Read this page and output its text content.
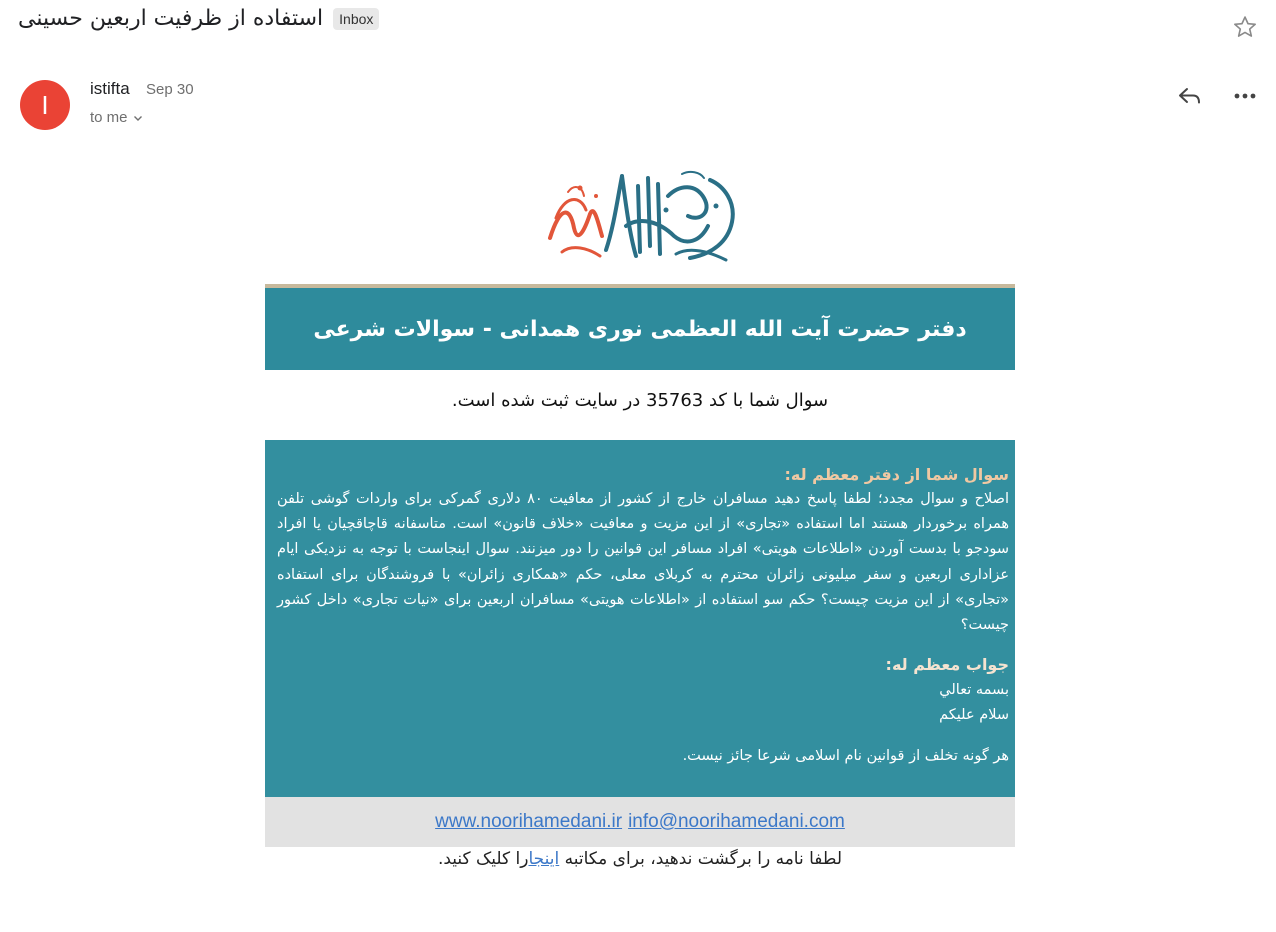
استفاده از ظرفیت اربعین حسینی	Inbox
I
istifta Sep 30
to me
دفتر حضرت آیت الله العظمی نوری همدانی - سوالات شرعی
سوال شما با کد 35763 در سایت ثبت شده است.
سوال شما از دفتر معظم له:
اصلاح و سوال مجدد؛ لطفا پاسخ دهید مسافران خارج از کشور از معافیت ۸۰ دلاری گمرکی برای واردات گوشی تلفن همراه برخوردار هستند اما استفاده «تجاری» از این مزیت و معافیت «خلاف قانون» است. متاسفانه قاچاقچیان یا افراد سودجو با بدست آوردن «اطلاعات هویتی» افراد مسافر این قوانین را دور میزنند. سوال اینجاست با توجه به نزدیکی ایام عزاداری اربعین و سفر میلیونی زائران محترم به کربلای معلی، حکم «همکاری زائران» با فروشندگان برای استفاده «تجاری» از این مزیت چیست؟ حکم سو استفاده از «اطلاعات هویتی» مسافران اربعین برای «نیات تجاری» داخل کشور چیست؟
جواب معظم له:
بسمه تعالي
سلام علیکم
هر گونه تخلف از قوانین نام اسلامی شرعا جائز نیست.
www.noorihamedani.ir info@noorihamedani.com
لطفا نامه را برگشت ندهید، برای مکاتبه اینجارا کلیک کنید.
